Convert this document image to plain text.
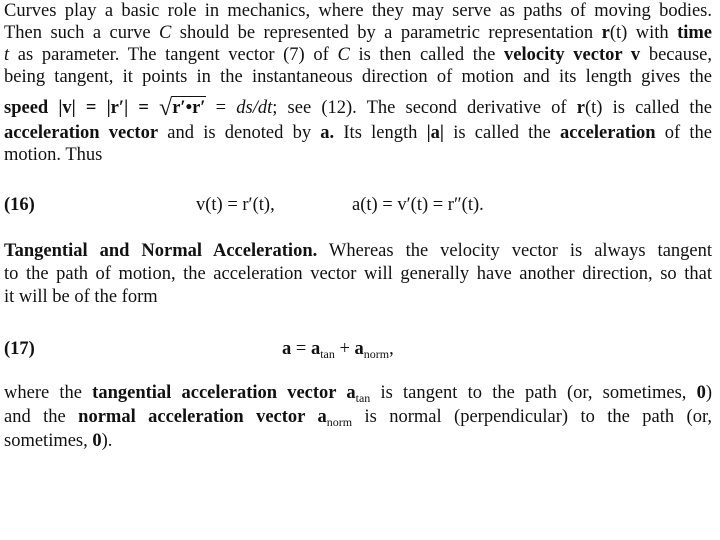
Curves play a basic role in mechanics, where they may serve as paths of moving bodies.

Then such a curve C should be represented by a parametric representation r(t) with time

t as parameter. The tangent vector (7) of C is then called the velocity vector v because,

being tangent, it points in the instantaneous direction of motion and its length gives the

speed |v| = |r′| = √r′•r′ = ds/dt; see (12). The second derivative of r(t) is called the

acceleration vector and is denoted by a. Its length |a| is called the acceleration of the

motion. Thus

(16)	v(t) = r′(t),	a(t) = v′(t) = r″(t).

Tangential and Normal Acceleration. Whereas the velocity vector is always tangent

to the path of motion, the acceleration vector will generally have another direction, so that

it will be of the form

(17)	$a = a_{tan} + a_{norm}$,

where the tangential acceleration vector $a_{tan}$ is tangent to the path (or, sometimes, 0)

and the normal acceleration vector $a_{norm}$ is normal (perpendicular) to the path (or,

sometimes, 0).
